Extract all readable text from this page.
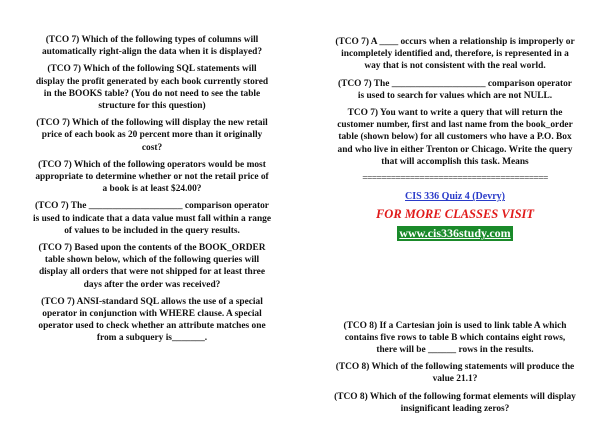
(TCO 7) Which of the following types of columns will automatically right-align the data when it is displayed?

(TCO 7) Which of the following SQL statements will display the profit generated by each book currently stored in the BOOKS table? (You do not need to see the table structure for this question)

(TCO 7) Which of the following will display the new retail price of each book as 20 percent more than it originally cost?

(TCO 7) Which of the following operators would be most appropriate to determine whether or not the retail price of a book is at least $24.00?

(TCO 7) The ____________________ comparison operator is used to indicate that a data value must fall within a range of values to be included in the query results.

(TCO 7) Based upon the contents of the BOOK_ORDER table shown below, which of the following queries will display all orders that were not shipped for at least three days after the order was received?

(TCO 7) ANSI-standard SQL allows the use of a special operator in conjunction with WHERE clause. A special operator used to check whether an attribute matches one from a subquery is_______.

(TCO 7) A ____ occurs when a relationship is improperly or incompletely identified and, therefore, is represented in a way that is not consistent with the real world.

(TCO 7) The ____________________ comparison operator is used to search for values which are not NULL.

TCO 7) You want to write a query that will return the customer number, first and last name from the book_order table (shown below) for all customers who have a P.O. Box and who live in either Trenton or Chicago. Write the query that will accomplish this task. Means

=======================================
CIS 336 Quiz 4 (Devry)
FOR MORE CLASSES VISIT
www.cis336study.com

(TCO 8) If a Cartesian join is used to link table A which contains five rows to table B which contains eight rows, there will be ______ rows in the results.

(TCO 8) Which of the following statements will produce the value 21.1?

(TCO 8) Which of the following format elements will display insignificant leading zeros?
